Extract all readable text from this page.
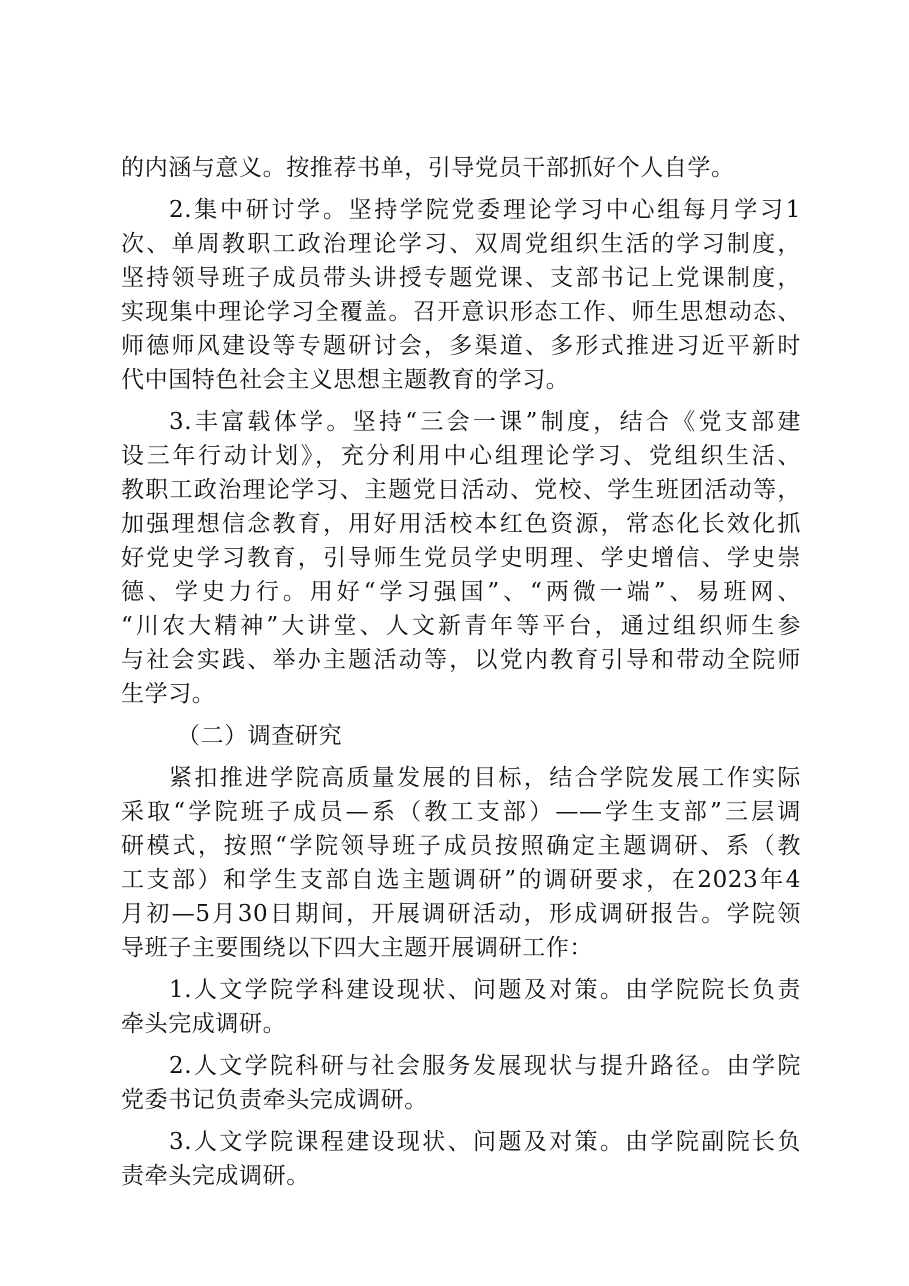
的内涵与意义。按推荐书单，引导党员干部抓好个人自学。
2.集中研讨学。坚持学院党委理论学习中心组每月学习1
次、单周教职工政治理论学习、双周党组织生活的学习制度，
坚持领导班子成员带头讲授专题党课、支部书记上党课制度，
实现集中理论学习全覆盖。召开意识形态工作、师生思想动态、
师德师风建设等专题研讨会，多渠道、多形式推进习近平新时
代中国特色社会主义思想主题教育的学习。
3.丰富载体学。坚持“三会一课”制度，结合《党支部建
设三年行动计划》，充分利用中心组理论学习、党组织生活、
教职工政治理论学习、主题党日活动、党校、学生班团活动等，
加强理想信念教育，用好用活校本红色资源，常态化长效化抓
好党史学习教育，引导师生党员学史明理、学史增信、学史崇
德、学史力行。用好“学习强国”、“两微一端”、易班网、
“川农大精神”大讲堂、人文新青年等平台，通过组织师生参
与社会实践、举办主题活动等，以党内教育引导和带动全院师
生学习。
（二）调查研究
紧扣推进学院高质量发展的目标，结合学院发展工作实际
采取“学院班子成员—系（教工支部）——学生支部”三层调
研模式，按照“学院领导班子成员按照确定主题调研、系（教
工支部）和学生支部自选主题调研”的调研要求，在2023年4
月初—5月30日期间，开展调研活动，形成调研报告。学院领
导班子主要围绕以下四大主题开展调研工作：
1.人文学院学科建设现状、问题及对策。由学院院长负责
牵头完成调研。
2.人文学院科研与社会服务发展现状与提升路径。由学院
党委书记负责牵头完成调研。
3.人文学院课程建设现状、问题及对策。由学院副院长负
责牵头完成调研。
